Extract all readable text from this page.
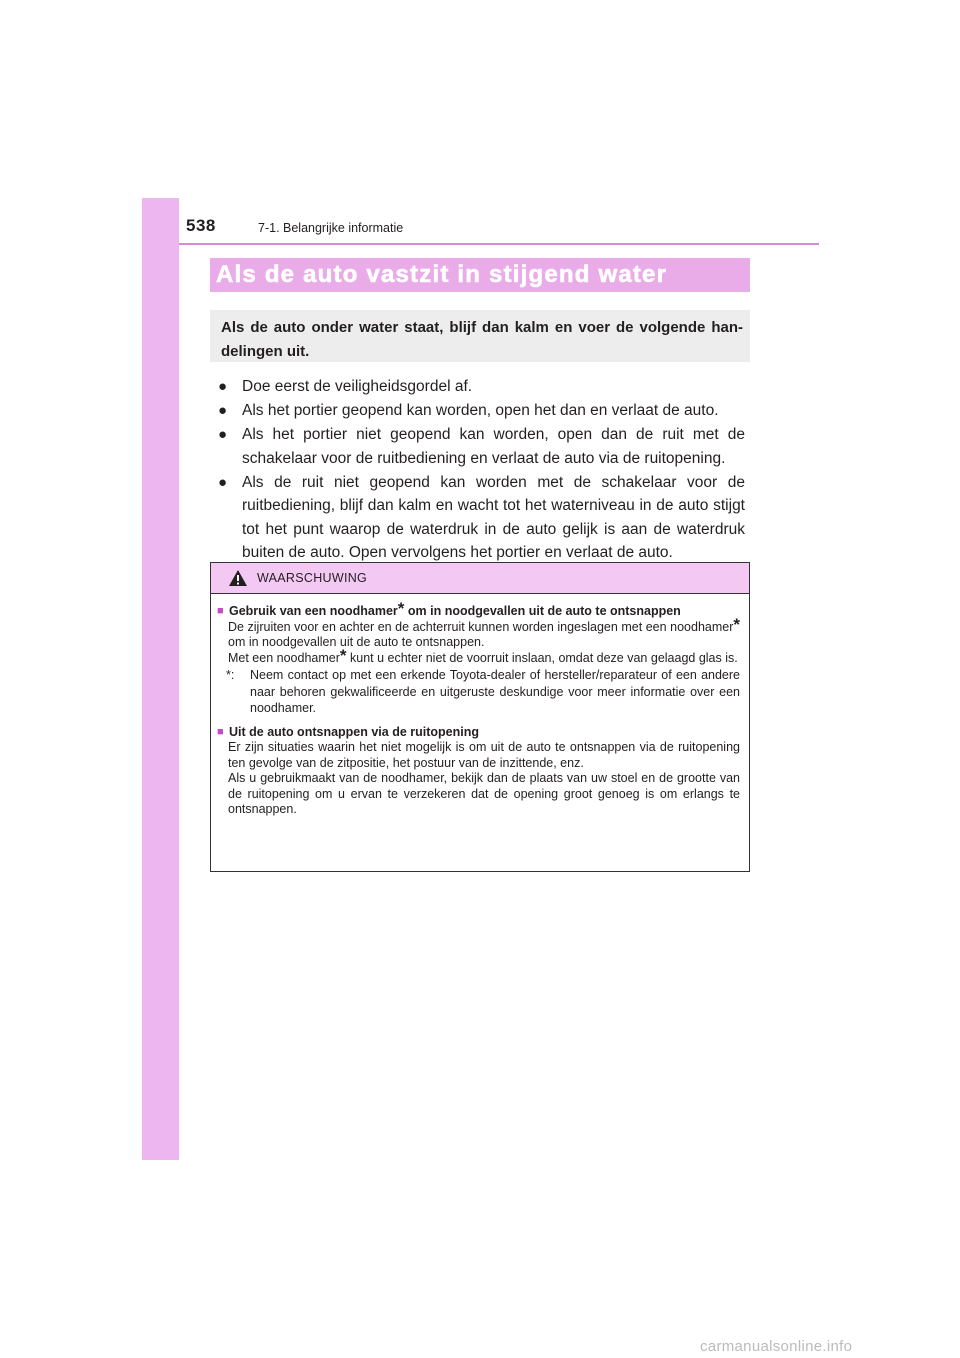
538	7-1. Belangrijke informatie
Als de auto vastzit in stijgend water
Als de auto onder water staat, blijf dan kalm en voer de volgende han-delingen uit.
● Doe eerst de veiligheidsgordel af.
● Als het portier geopend kan worden, open het dan en verlaat de auto.
● Als het portier niet geopend kan worden, open dan de ruit met de schakelaar voor de ruitbediening en verlaat de auto via de ruitopening.
● Als de ruit niet geopend kan worden met de schakelaar voor de ruitbediening, blijf dan kalm en wacht tot het waterniveau in de auto stijgt tot het punt waarop de waterdruk in de auto gelijk is aan de waterdruk buiten de auto. Open vervolgens het portier en verlaat de auto.
WAARSCHUWING
■ Gebruik van een noodhamer* om in noodgevallen uit de auto te ontsnappen

De zijruiten voor en achter en de achterruit kunnen worden ingeslagen met een noodhamer* om in noodgevallen uit de auto te ontsnappen.

Met een noodhamer* kunt u echter niet de voorruit inslaan, omdat deze van gelaagd glas is.

*:	Neem contact op met een erkende Toyota-dealer of hersteller/reparateur of een andere naar behoren gekwalificeerde en uitgeruste deskundige voor meer informatie over een noodhamer.
■ Uit de auto ontsnappen via de ruitopening

Er zijn situaties waarin het niet mogelijk is om uit de auto te ontsnappen via de ruitopening ten gevolge van de zitpositie, het postuur van de inzittende, enz.

Als u gebruikmaakt van de noodhamer, bekijk dan de plaats van uw stoel en de grootte van de ruitopening om u ervan te verzekeren dat de opening groot genoeg is om erlangs te ontsnappen.

carmanualsonline.info
